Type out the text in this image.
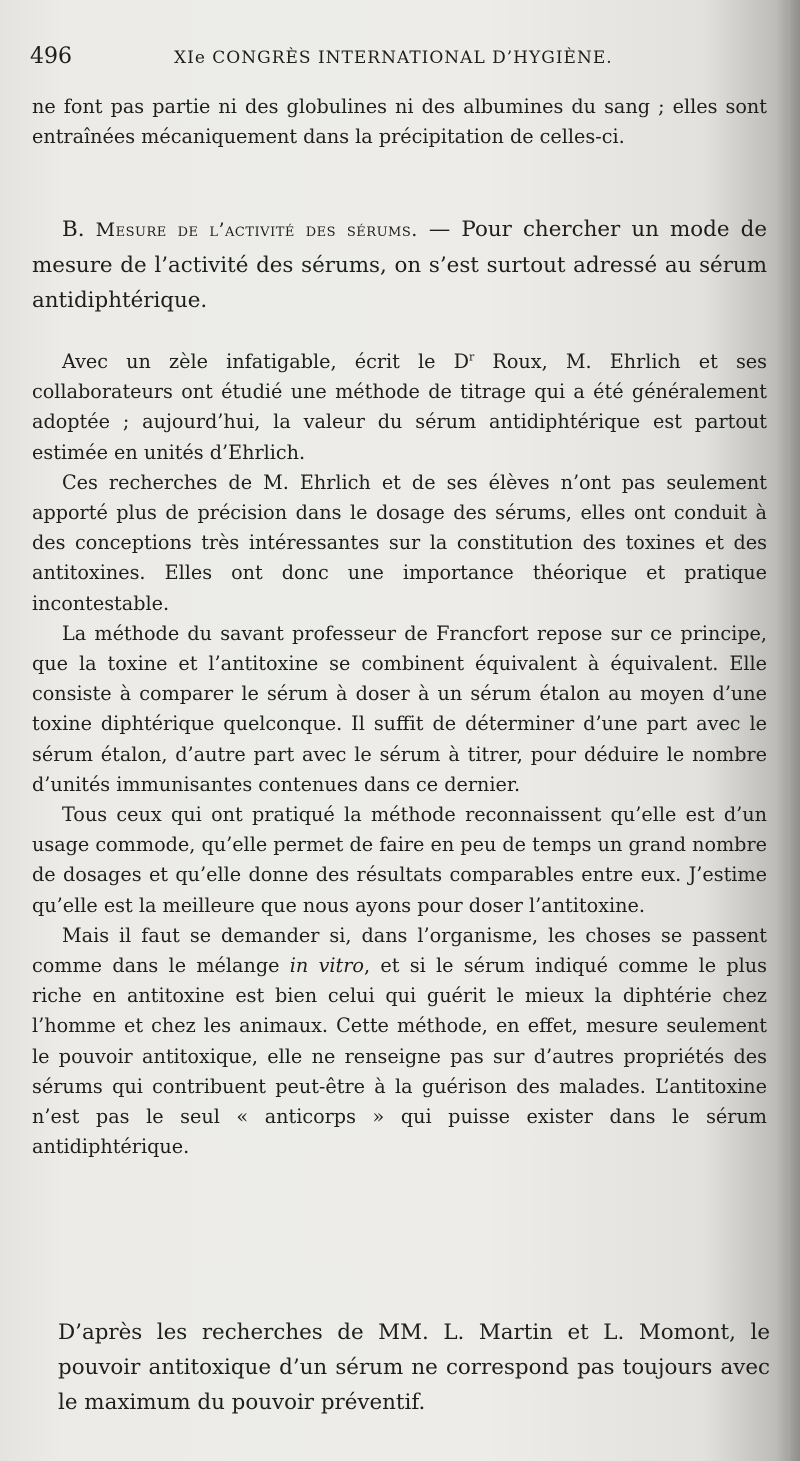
496	XIe CONGRÈS INTERNATIONAL D’HYGIÈNE.

ne font pas partie ni des globulines ni des albumines du sang ; elles sont entraînées mécaniquement dans la précipitation de celles-ci.

B. Mesure de l’activité des sérums. — Pour chercher un mode de mesure de l’activité des sérums, on s’est surtout adressé au sérum antidiphtérique.

Avec un zèle infatigable, écrit le $D^r$ Roux, M. Ehrlich et ses collaborateurs ont étudié une méthode de titrage qui a été généralement adoptée ; aujourd’hui, la valeur du sérum antidiphtérique est partout estimée en unités d’Ehrlich.

Ces recherches de M. Ehrlich et de ses élèves n’ont pas seulement apporté plus de précision dans le dosage des sérums, elles ont conduit à des conceptions très intéressantes sur la constitution des toxines et des antitoxines. Elles ont donc une importance théorique et pratique incontestable.

La méthode du savant professeur de Francfort repose sur ce principe, que la toxine et l’antitoxine se combinent équivalent à équivalent. Elle consiste à comparer le sérum à doser à un sérum étalon au moyen d’une toxine diphtérique quelconque. Il suffit de déterminer d’une part avec le sérum étalon, d’autre part avec le sérum à titrer, pour déduire le nombre d’unités immunisantes contenues dans ce dernier.

Tous ceux qui ont pratiqué la méthode reconnaissent qu’elle est d’un usage commode, qu’elle permet de faire en peu de temps un grand nombre de dosages et qu’elle donne des résultats comparables entre eux. J’estime qu’elle est la meilleure que nous ayons pour doser l’antitoxine.

Mais il faut se demander si, dans l’organisme, les choses se passent comme dans le mélange in vitro, et si le sérum indiqué comme le plus riche en antitoxine est bien celui qui guérit le mieux la diphtérie chez l’homme et chez les animaux. Cette méthode, en effet, mesure seulement le pouvoir antitoxique, elle ne renseigne pas sur d’autres propriétés des sérums qui contribuent peut-être à la guérison des malades. L’antitoxine n’est pas le seul « anticorps » qui puisse exister dans le sérum antidiphtérique.

D’après les recherches de MM. L. Martin et L. Momont, le pouvoir antitoxique d’un sérum ne correspond pas toujours avec le maximum du pouvoir préventif.
